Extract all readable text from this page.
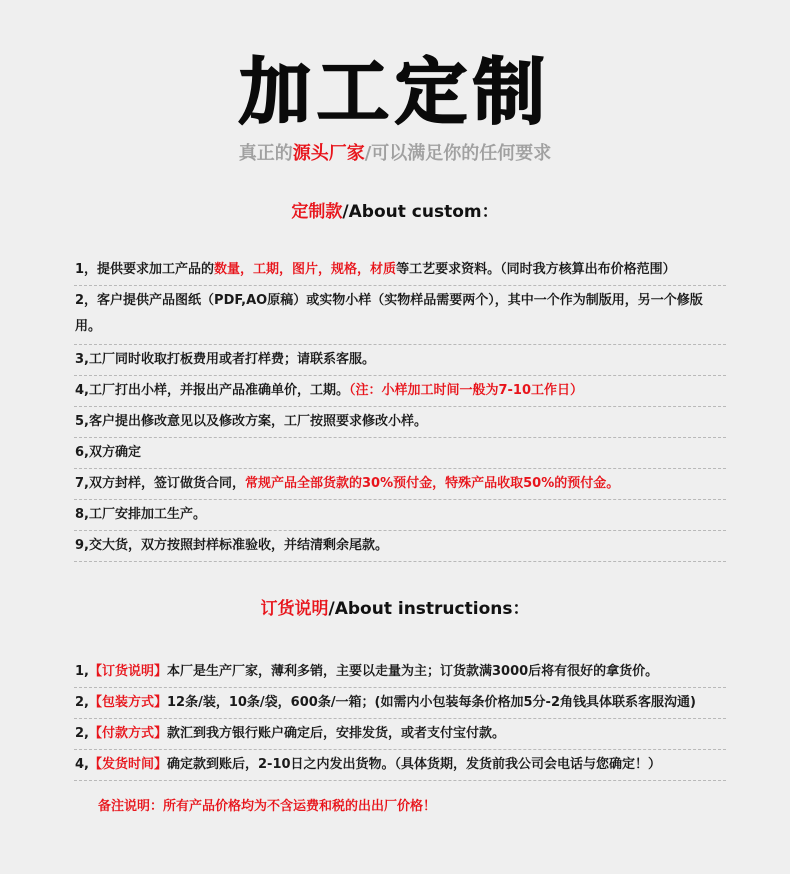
加工定制
真正的源头厂家/可以满足你的任何要求
定制款/About custom：
1，提供要求加工产品的数量，工期，图片，规格，材质等工艺要求资料。（同时我方核算出布价格范围）
2，客户提供产品图纸（PDF,AO原稿）或实物小样（实物样品需要两个），其中一个作为制版用，另一个修版用。
3,工厂同时收取打板费用或者打样费；请联系客服。
4,工厂打出小样，并报出产品准确单价，工期。（注：小样加工时间一般为7-10工作日）
5,客户提出修改意见以及修改方案，工厂按照要求修改小样。
6,双方确定
7,双方封样，签订做货合同，常规产品全部货款的30%预付金，特殊产品收取50%的预付金。
8,工厂安排加工生产。
9,交大货，双方按照封样标准验收，并结清剩余尾款。
订货说明/About instructions：
1,【订货说明】本厂是生产厂家，薄利多销，主要以走量为主；订货款满3000后将有很好的拿货价。
2,【包装方式】12条/装，10条/袋，600条/一箱；(如需内小包装每条价格加5分-2角钱具体联系客服沟通)
2,【付款方式】款汇到我方银行账户确定后，安排发货，或者支付宝付款。
4,【发货时间】确定款到账后，2-10日之内发出货物。（具体货期，发货前我公司会电话与您确定！）
备注说明：所有产品价格均为不含运费和税的出出厂价格！
